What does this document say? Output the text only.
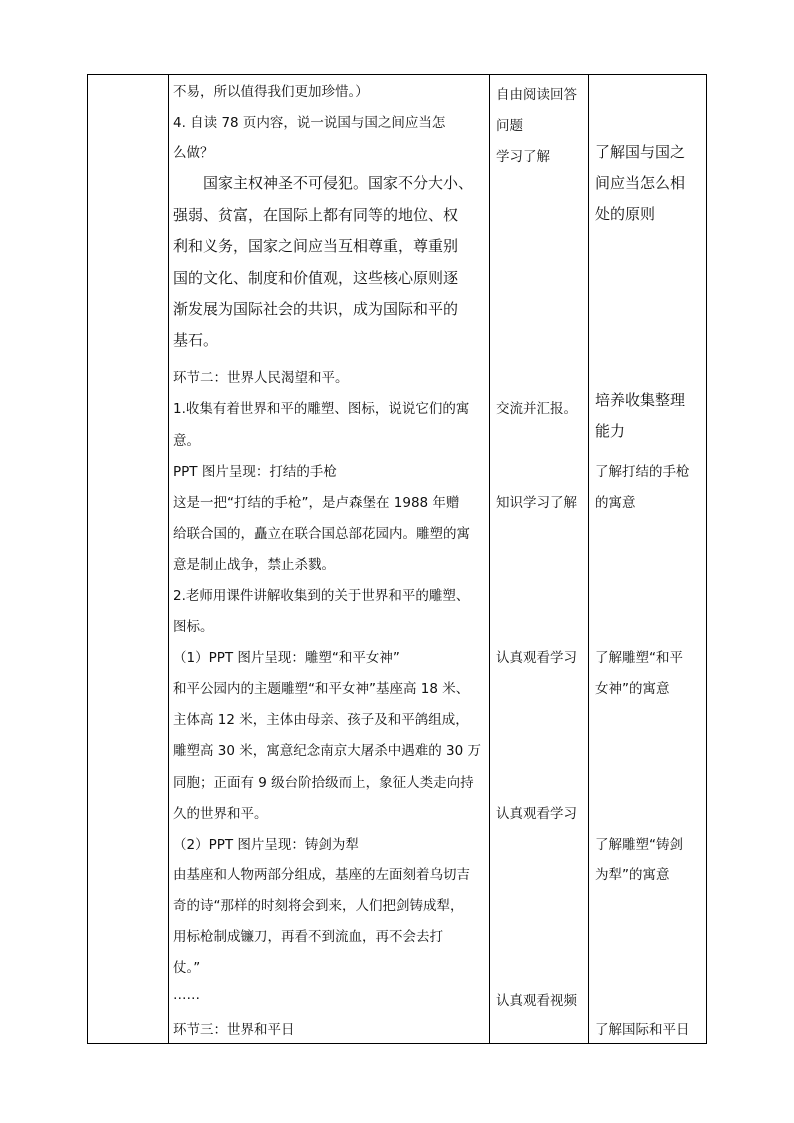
不易，所以值得我们更加珍惜。）
4. 自读 78 页内容，说一说国与国之间应当怎
么做？
国家主权神圣不可侵犯。国家不分大小、
强弱、贫富，在国际上都有同等的地位、权
利和义务，国家之间应当互相尊重，尊重别
国的文化、制度和价值观，这些核心原则逐
渐发展为国际社会的共识，成为国际和平的
基石。
环节二：世界人民渴望和平。
1.收集有着世界和平的雕塑、图标，说说它们的寓
意。
PPT 图片呈现：打结的手枪
这是一把“打结的手枪”，是卢森堡在 1988 年赠
给联合国的，矗立在联合国总部花园内。雕塑的寓
意是制止战争，禁止杀戮。
2.老师用课件讲解收集到的关于世界和平的雕塑、
图标。
（1）PPT 图片呈现：雕塑“和平女神”
和平公园内的主题雕塑“和平女神”基座高 18 米、
主体高 12 米，主体由母亲、孩子及和平鸽组成，
雕塑高 30 米，寓意纪念南京大屠杀中遇难的 30 万
同胞；正面有 9 级台阶拾级而上，象征人类走向持
久的世界和平。
（2）PPT 图片呈现：铸剑为犁
由基座和人物两部分组成，基座的左面刻着乌切吉
奇的诗“那样的时刻将会到来，人们把剑铸成犁，
用标枪制成镰刀，再看不到流血，再不会去打
仗。”
……
环节三：世界和平日
自由阅读回答
问题
学习了解
交流并汇报。
知识学习了解
认真观看学习
认真观看学习
认真观看视频
了解国与国之
间应当怎么相
处的原则
培养收集整理
能力
了解打结的手枪
的寓意
了解雕塑“和平
女神”的寓意
了解雕塑“铸剑
为犁”的寓意
了解国际和平日
